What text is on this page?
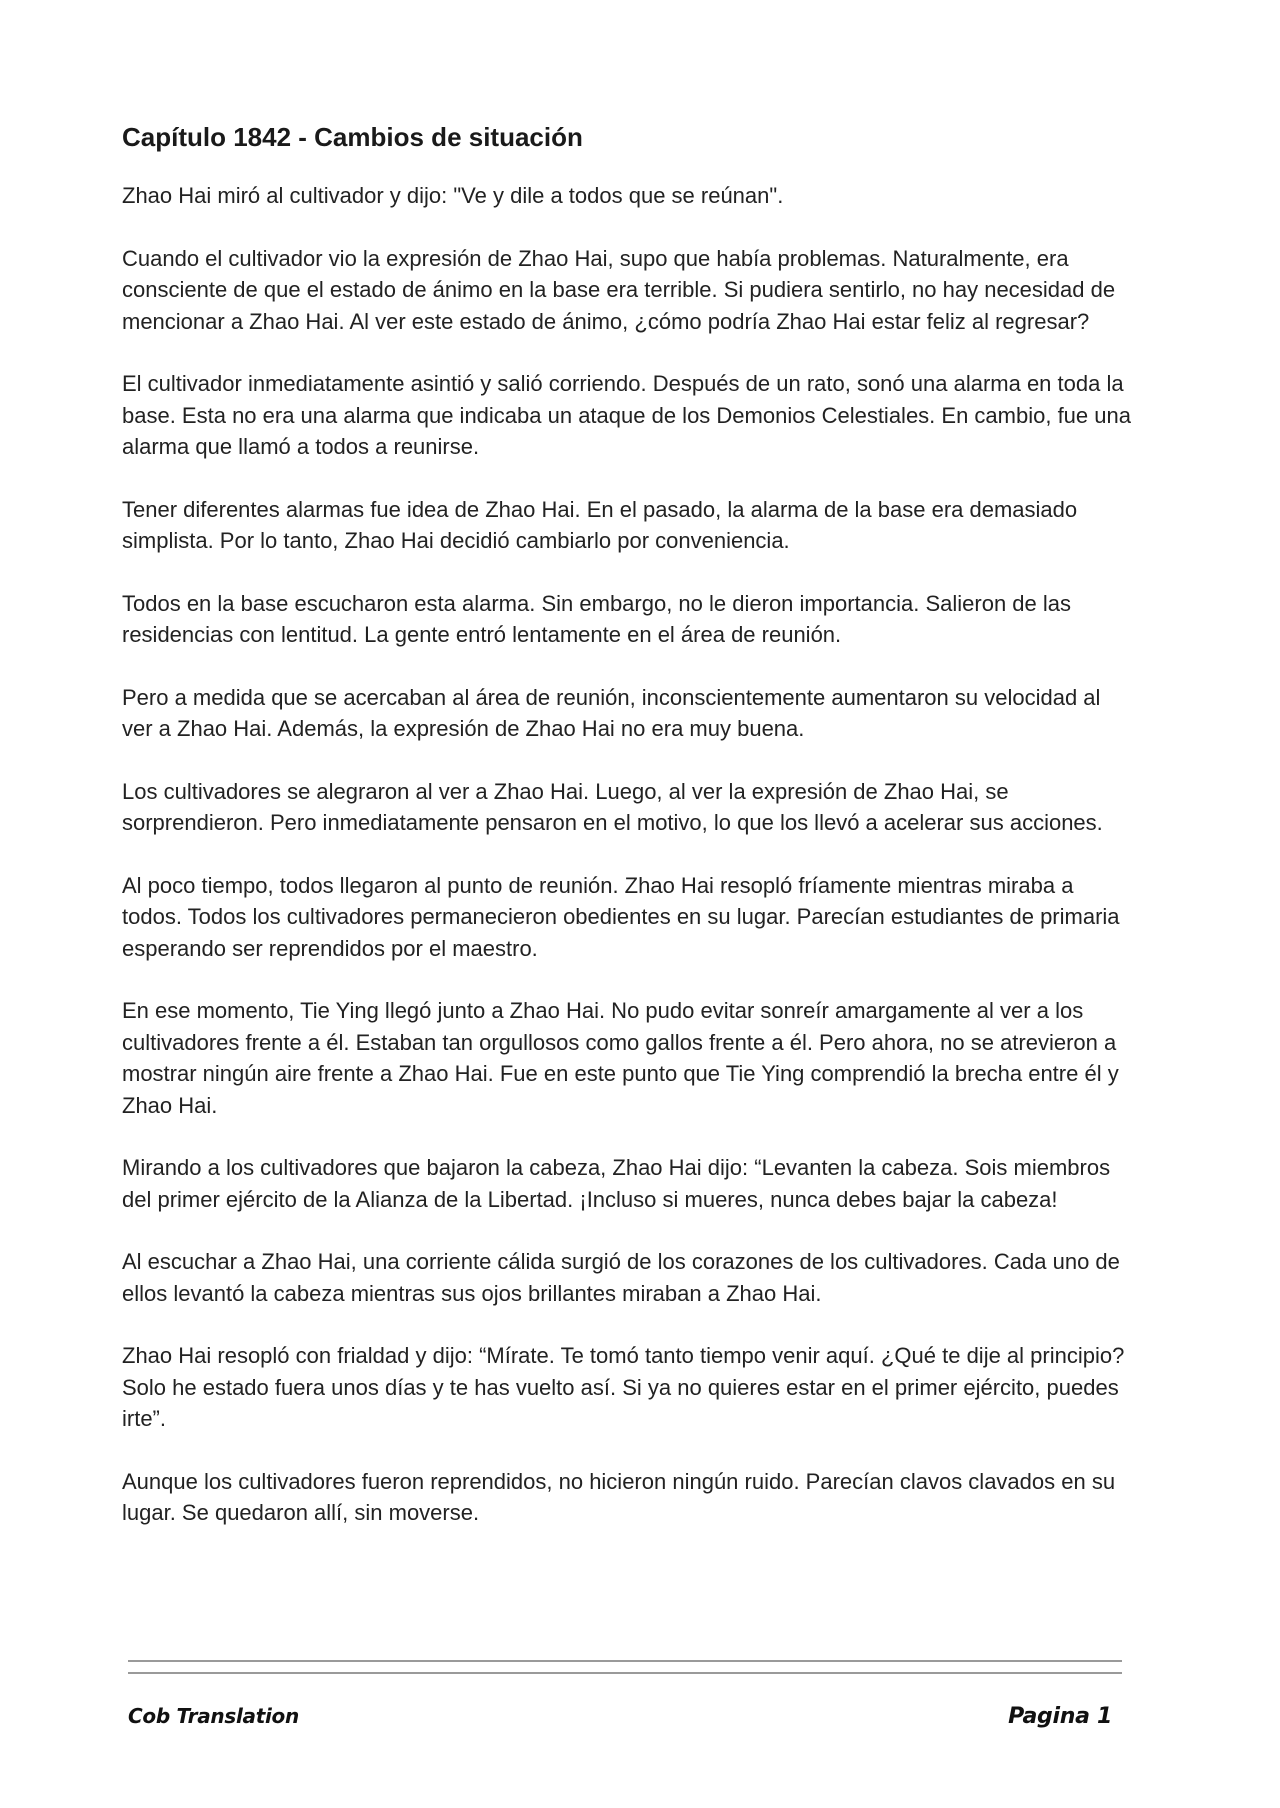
Capítulo 1842 - Cambios de situación

Zhao Hai miró al cultivador y dijo: "Ve y dile a todos que se reúnan".

Cuando el cultivador vio la expresión de Zhao Hai, supo que había problemas. Naturalmente, era consciente de que el estado de ánimo en la base era terrible. Si pudiera sentirlo, no hay necesidad de mencionar a Zhao Hai. Al ver este estado de ánimo, ¿cómo podría Zhao Hai estar feliz al regresar?

El cultivador inmediatamente asintió y salió corriendo. Después de un rato, sonó una alarma en toda la base. Esta no era una alarma que indicaba un ataque de los Demonios Celestiales. En cambio, fue una alarma que llamó a todos a reunirse.

Tener diferentes alarmas fue idea de Zhao Hai. En el pasado, la alarma de la base era demasiado simplista. Por lo tanto, Zhao Hai decidió cambiarlo por conveniencia.

Todos en la base escucharon esta alarma. Sin embargo, no le dieron importancia. Salieron de las residencias con lentitud. La gente entró lentamente en el área de reunión.

Pero a medida que se acercaban al área de reunión, inconscientemente aumentaron su velocidad al ver a Zhao Hai. Además, la expresión de Zhao Hai no era muy buena.

Los cultivadores se alegraron al ver a Zhao Hai. Luego, al ver la expresión de Zhao Hai, se sorprendieron. Pero inmediatamente pensaron en el motivo, lo que los llevó a acelerar sus acciones.

Al poco tiempo, todos llegaron al punto de reunión. Zhao Hai resopló fríamente mientras miraba a todos. Todos los cultivadores permanecieron obedientes en su lugar. Parecían estudiantes de primaria esperando ser reprendidos por el maestro.

En ese momento, Tie Ying llegó junto a Zhao Hai. No pudo evitar sonreír amargamente al ver a los cultivadores frente a él. Estaban tan orgullosos como gallos frente a él. Pero ahora, no se atrevieron a mostrar ningún aire frente a Zhao Hai. Fue en este punto que Tie Ying comprendió la brecha entre él y Zhao Hai.

Mirando a los cultivadores que bajaron la cabeza, Zhao Hai dijo: “Levanten la cabeza. Sois miembros del primer ejército de la Alianza de la Libertad. ¡Incluso si mueres, nunca debes bajar la cabeza!

Al escuchar a Zhao Hai, una corriente cálida surgió de los corazones de los cultivadores. Cada uno de ellos levantó la cabeza mientras sus ojos brillantes miraban a Zhao Hai.

Zhao Hai resopló con frialdad y dijo: “Mírate. Te tomó tanto tiempo venir aquí. ¿Qué te dije al principio? Solo he estado fuera unos días y te has vuelto así. Si ya no quieres estar en el primer ejército, puedes irte”.

Aunque los cultivadores fueron reprendidos, no hicieron ningún ruido. Parecían clavos clavados en su lugar. Se quedaron allí, sin moverse.

Cob Translation	Pagina 1
